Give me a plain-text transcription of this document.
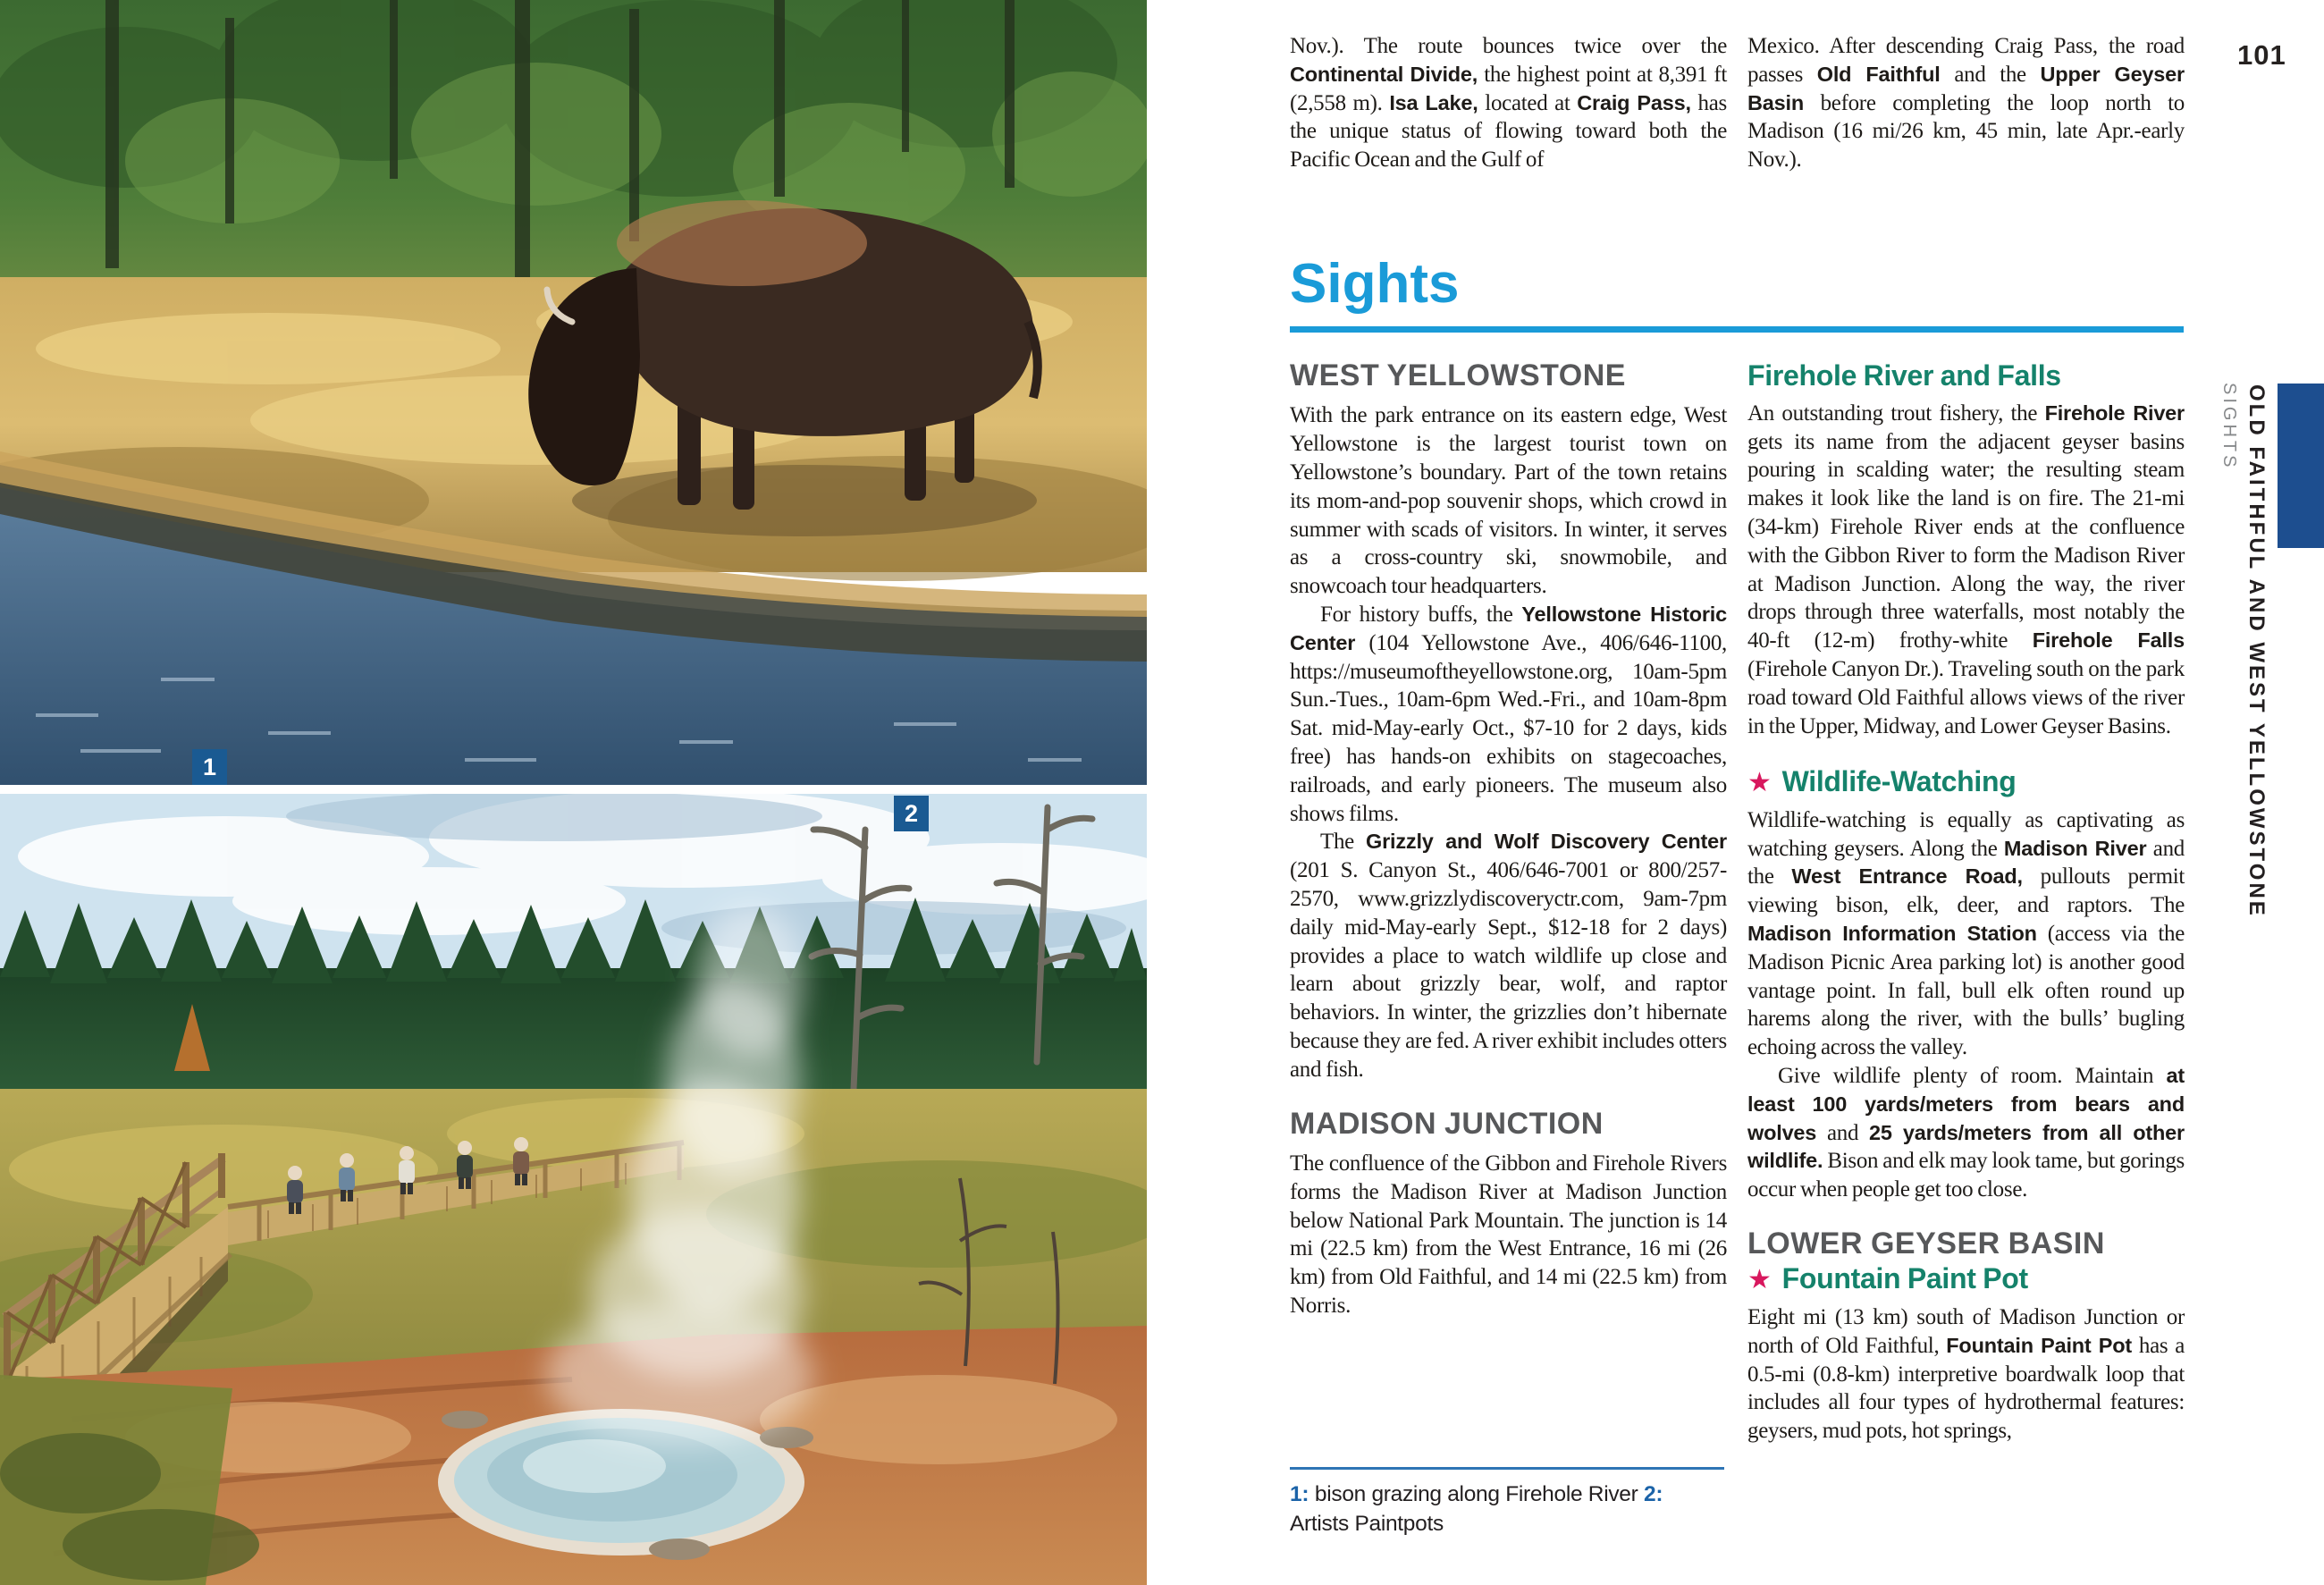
1
2
101
Nov.). The route bounces twice over the Continental Divide, the highest point at 8,391 ft (2,558 m). Isa Lake, located at Craig Pass, has the unique status of flowing toward both the Pacific Ocean and the Gulf of
Mexico. After descending Craig Pass, the road passes Old Faithful and the Upper Geyser Basin before completing the loop north to Madison (16 mi/26 km, 45 min, late Apr.-early Nov.).
Sights
WEST YELLOWSTONE

With the park entrance on its eastern edge, West Yellowstone is the largest tourist town on Yellowstone’s boundary. Part of the town retains its mom-and-pop souvenir shops, which crowd in summer with scads of visitors. In winter, it serves as a cross-country ski, snowmobile, and snowcoach tour headquarters.

For history buffs, the Yellowstone Historic Center (104 Yellowstone Ave., 406/646-1100, https://museumoftheyellowstone.org, 10am-5pm Sun.-Tues., 10am-6pm Wed.-Fri., and 10am-8pm Sat. mid-May-early Oct., $7-10 for 2 days, kids free) has hands-on exhibits on stagecoaches, railroads, and early pioneers. The museum also shows films.

The Grizzly and Wolf Discovery Center (201 S. Canyon St., 406/646-7001 or 800/257-2570, www.grizzlydiscoveryctr.com, 9am-7pm daily mid-May-early Sept., $12-18 for 2 days) provides a place to watch wildlife up close and learn about grizzly bear, wolf, and raptor behaviors. In winter, the grizzlies don’t hibernate because they are fed. A river exhibit includes otters and fish.

MADISON JUNCTION

The confluence of the Gibbon and Firehole Rivers forms the Madison River at Madison Junction below National Park Mountain. The junction is 14 mi (22.5 km) from the West Entrance, 16 mi (26 km) from Old Faithful, and 14 mi (22.5 km) from Norris.

Firehole River and Falls

An outstanding trout fishery, the Firehole River gets its name from the adjacent geyser basins pouring in scalding water; the resulting steam makes it look like the land is on fire. The 21-mi (34-km) Firehole River ends at the confluence with the Gibbon River to form the Madison River at Madison Junction. Along the way, the river drops through three waterfalls, most notably the 40-ft (12-m) frothy-white Firehole Falls (Firehole Canyon Dr.). Traveling south on the park road toward Old Faithful allows views of the river in the Upper, Midway, and Lower Geyser Basins.

★ Wildlife-Watching

Wildlife-watching is equally as captivating as watching geysers. Along the Madison River and the West Entrance Road, pullouts permit viewing bison, elk, deer, and raptors. The Madison Information Station (access via the Madison Picnic Area parking lot) is another good vantage point. In fall, bull elk often round up harems along the river, with the bulls’ bugling echoing across the valley.

Give wildlife plenty of room. Maintain at least 100 yards/meters from bears and wolves and 25 yards/meters from all other wildlife. Bison and elk may look tame, but gorings occur when people get too close.

LOWER GEYSER BASIN
★ Fountain Paint Pot

Eight mi (13 km) south of Madison Junction or north of Old Faithful, Fountain Paint Pot has a 0.5-mi (0.8-km) interpretive boardwalk loop that includes all four types of hydrothermal features: geysers, mud pots, hot springs,

1: bison grazing along Firehole River 2: Artists Paintpots

OLD FAITHFUL AND WEST YELLOWSTONE
SIGHTS
